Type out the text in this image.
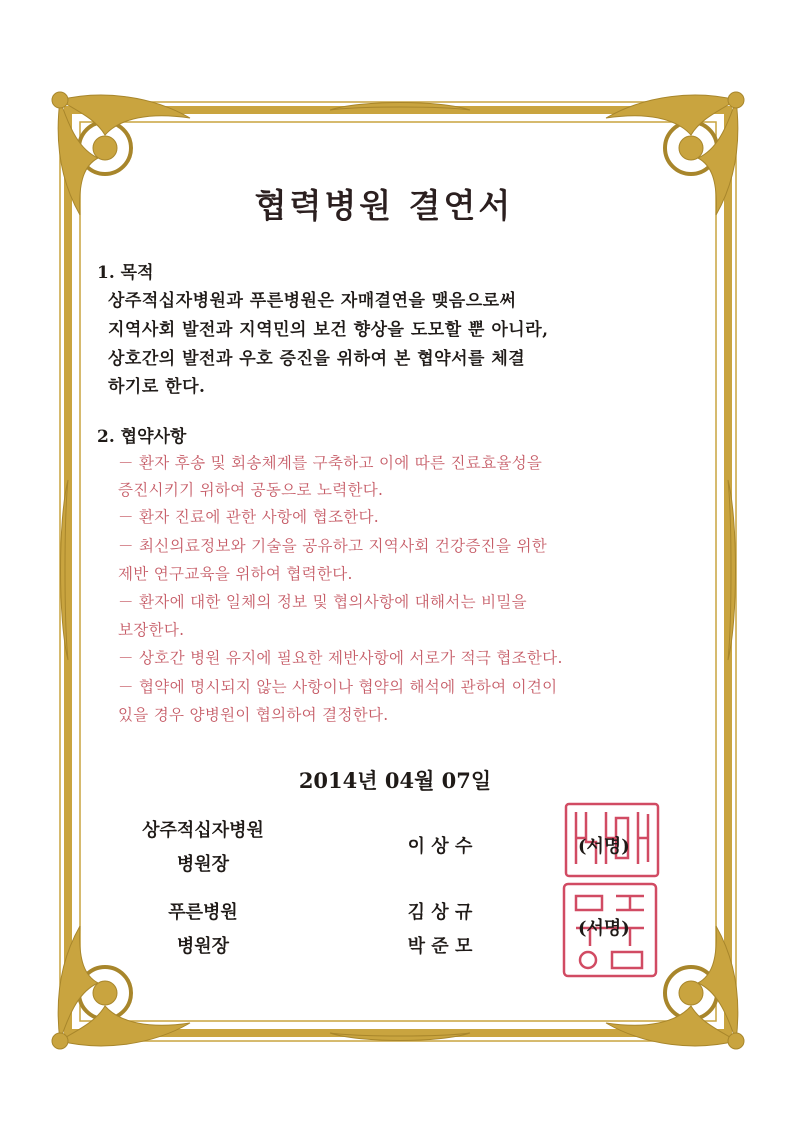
협력병원 결연서
1. 목적
상주적십자병원과 푸른병원은 자매결연을 맺음으로써
지역사회 발전과 지역민의 보건 향상을 도모할 뿐 아니라,
상호간의 발전과 우호 증진을 위하여 본 협약서를 체결
하기로 한다.
2. 협약사항
－ 환자 후송 및 회송체계를 구축하고 이에 따른 진료효율성을
증진시키기 위하여 공동으로 노력한다.
－ 환자 진료에 관한 사항에 협조한다.
－ 최신의료정보와 기술을 공유하고 지역사회 건강증진을 위한
제반 연구교육을 위하여 협력한다.
－ 환자에 대한 일체의 정보 및 협의사항에 대해서는 비밀을
보장한다.
－ 상호간 병원 유지에 필요한 제반사항에 서로가 적극 협조한다.
－ 협약에 명시되지 않는 사항이나 협약의 해석에 관하여 이견이
있을 경우 양병원이 협의하여 결정한다.
2014년 04월 07일
상주적십자병원
병원장
이 상 수	(서명)
푸른병원
병원장
김 상 규
박 준 모
(서명)
